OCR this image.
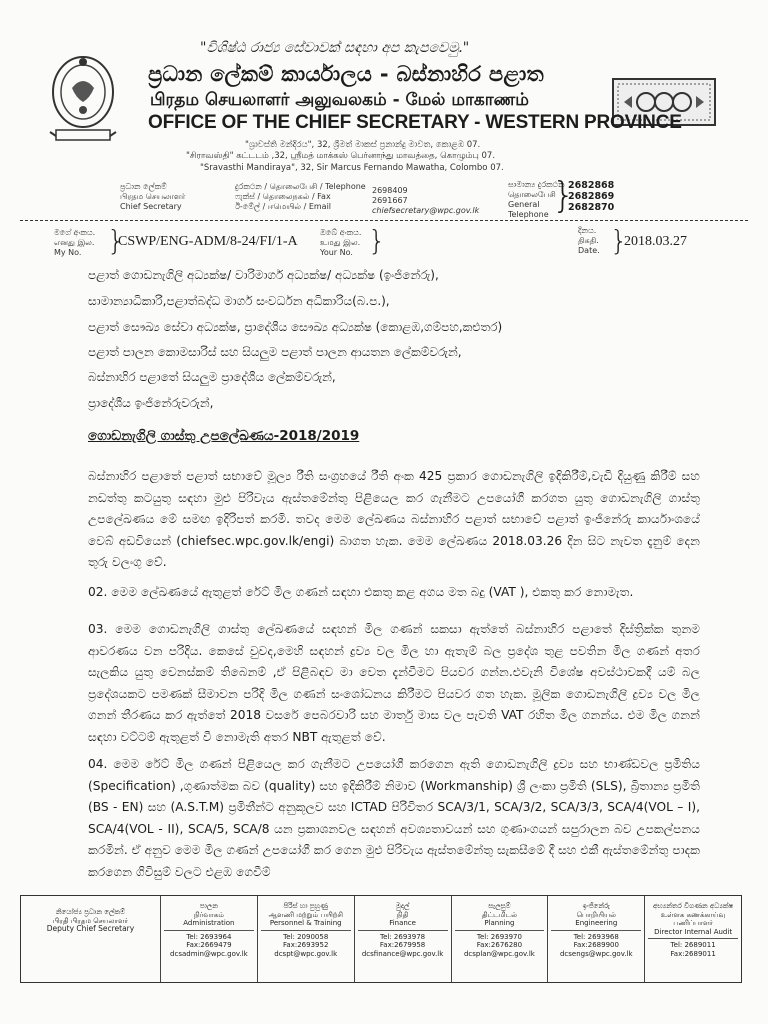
"විශිෂ්ඨ රාජ්‍ය සේවාවක් සඳහා අප කැපවෙමු."
ප්‍රධාන ලේකම් කාර්යාලය - බස්නාහිර පළාත
பிரதம செயலாளர் அலுவலகம் - மேல் மாகாணம்
OFFICE OF THE CHIEF SECRETARY - WESTERN PROVINCE
"ශ්‍රාවස්ති මන්දිරය", 32, ශ්‍රීමත් මාකස් ප්‍රනාන්දු මාවත, කොළඹ 07.
"சிராவஸ்தி" கட்டடம் ,32, ஸ்ரீமத் மாக்கஸ் பெர்னாந்து மாவத்தை, கொழும்பு 07.
"Sravasthi Mandiraya", 32, Sir Marcus Fernando Mawatha, Colombo 07.
ප්‍රධාන ලේකම්
பிரதம செயலாளர்
Chief Secretary
දුරකථන / தொலைபேசி / Telephone
ෆැක්ස් / தொலைநகல் / Fax
ඊ-මේල් / ஈமெயில் / Email
2698409
2691667
chiefsecretary@wpc.gov.lk
සාමාන්‍ය දුරකථන
தொலைபேசி
General
Telephone }
2682868
2682869
2682870
මගේ අංකය.
எனது இல.
My No. }
CSWP/ENG-ADM/8-24/FI/1-A
ඔබේ අංකය.
உமது இல.
Your No. }	දිනය.
திகதி.
Date. }
2018.03.27
පළාත් ගොඩනැගිලි අධ්‍යක්ෂ/ වාරිමාර්ග අධ්‍යක්ෂ/ අධ්‍යක්ෂ (ඉංජිනේරු),
සාමාන්‍යාධිකාරි,පළාත්බද්ධ මාර්ග සංවර්ධන අධිකාරිය(බ.ප.),
පළාත් සෞඛ්‍ය සේවා අධ්‍යක්ෂ, ප්‍රාදේශීය සෞඛ්‍ය අධ්‍යක්ෂ (කොළඹ,ගම්පහ,කළුතර)
පළාත් පාලන කොමසාරිස් සහ සියලුම පළාත් පාලන ආයතන ලේකම්වරුන්,
බස්නාහිර පළාතේ සියලුම ප්‍රාදේශීය ලේකම්වරුන්,
ප්‍රාදේශීය ඉංජිනේරුවරුන්,
ගොඩනැගිලි ගාස්තු උපලේඛණය-2018/2019
බස්නාහිර පළාතේ පළාත් සභාවේ මූල්‍ය රීති සංග්‍රහයේ රීති අංක 425 ප්‍රකාර ගොඩනැගිලි ඉදිකිරීම්,වැඩි දියුණු කිරීම් සහ නඩත්තු කටයුතු සඳහා මුළු පිරිවැය ඇස්තමේන්තු පිළියෙල කර ගැනීමට උපයෝගී කරගත යුතු ගොඩනැගිලි ගාස්තු උපලේඛණය මේ සමඟ ඉදිරිපත් කරමි. තවද මෙම ලේඛණය බස්නාහිර පළාත් සභාවේ පළාත් ඉංජිනේරු කාර්යාංශයේ වෙබ් අඩවියෙන් (chiefsec.wpc.gov.lk/engi) බාගත හැක. මෙම ලේඛණය 2018.03.26 දින සිට නැවත දැනුම් දෙන තුරු වලංගු වේ.
02. මෙම ලේඛණයේ ඇතුළත් රේට් මිල ගණන් සඳහා එකතු කළ අගය මත බදු (VAT ), එකතු කර නොමැත.
03. මෙම ගොඩනැගිලි ගාස්තු ලේඛණයේ සඳහන් මිල ගණන් සකසා ඇත්තේ බස්නාහිර පළාතේ දිස්ත්‍රික්ක තුනම ආවරණය වන පරිදිය. කෙසේ වුවද,මෙහි සඳහන් ද්‍රව්‍ය වල මිල හා ඇතැම් බල ප්‍රදේශ තුළ පවතින මිල ගණන් අතර සැලකිය යුතු වෙනස්කම් තිබෙනම් ,ඒ පිළිබඳව මා වෙත දැන්වීමට පියවර ගන්න.එවැනි විශේෂ අවස්ථාවකදී යම් බල ප්‍රදේශයකට පමණක් සීමාවන පරිදි මිල ගණන් සංශෝධනය කිරීමට පියවර ගත හැක. මූලික ගොඩනැගිලි ද්‍රව්‍ය වල මිල ගනන් තීරණය කර ඇත්තේ 2018 වසරේ පෙබරවාරි සහ මාර්තු මාස වල පැවති VAT රහිත මිල ගනන්ය. එම මිල ගනන් සඳහා වට්ටම් ඇතුළත් වී නොමැති අතර NBT ඇතුළත් වේ.
04. මෙම රේට් මිල ගණන් පිළියෙල කර ගැනීමට උපයෝගී කරගෙන ඇති ගොඩනැගිලි ද්‍රව්‍ය සහ භාණ්ඩවල ප්‍රමිතිය (Specification) ,ගුණාත්මක බව (quality) සහ ඉදිකිරීම් නිමාව (Workmanship) ශ්‍රී ලංකා ප්‍රමිති (SLS), බ්‍රිතාන්‍ය ප්‍රමිති (BS - EN) සහ (A.S.T.M) ප්‍රමිතීන්ට අනුකූලව සහ ICTAD පිරිවිතර SCA/3/1, SCA/3/2, SCA/3/3, SCA/4(VOL – I), SCA/4(VOL - II), SCA/5, SCA/8 යන ප්‍රකාශනවල සඳහන් අවශ්‍යතාවයන් සහ ගුණාංගයන් සපුරාලන බව උපකල්පනය කරමින්. ඒ අනුව මෙම මිල ගණන් උපයෝගී කර ගෙන මුළු පිරිවැය ඇස්තමේන්තු සැකසීමේ දී සහ එකී ඇස්තමේන්තු පාදක කරගෙන ගිවිසුම් වලට එළඹ ගෙවීම්
නියෝජ්‍ය ප්‍රධාන ලේකම්
பிரதி பிரதம செயலாளர்
Deputy Chief Secretary
පාලන
நிர்வாகம்
Administration
Tel: 2693964
Fax:2669479
dcsadmin@wpc.gov.lk
පිරිස් හා පුහුණු
ஆளணி மற்றும் பயிற்சி
Personnel & Training
Tel: 2090058
Fax:2693952
dcspt@wpc.gov.lk
මුදල්
நிதி
Finance
Tel: 2693978
Fax:2679958
dcsfinance@wpc.gov.lk
සැලසුම්
திட்டமிடல்
Planning
Tel: 2693970
Fax:2676280
dcsplan@wpc.gov.lk
ඉංජිනේරු
பொறியியல்
Engineering
Tel: 2693968
Fax:2689900
dcsengs@wpc.gov.lk
අභ්‍යන්තර විගණන අධ්‍යක්ෂ
உள்ளக கணக்காய்வு பணிப்பாளர்
Director Internal Audit
Tel: 2689011
Fax:2689011
